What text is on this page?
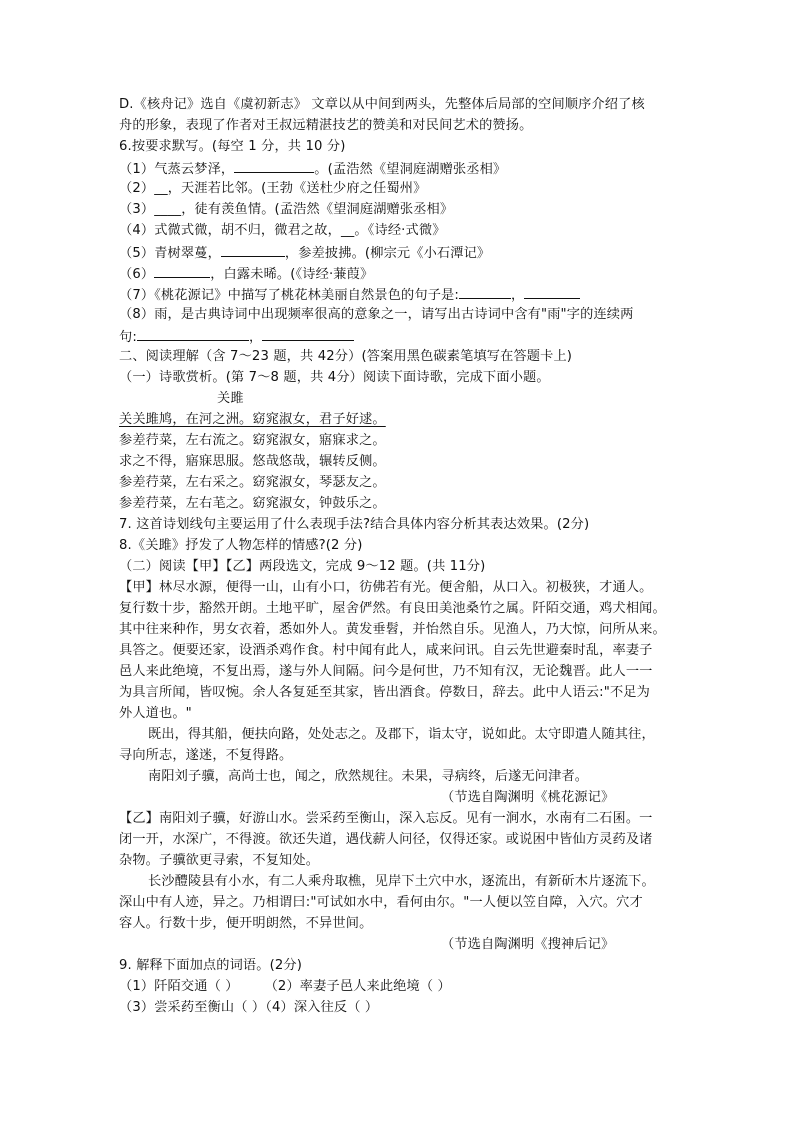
D.《核舟记》选自《虞初新志》 文章以从中间到两头，先整体后局部的空间顺序介绍了核
舟的形象，表现了作者对王叔远精湛技艺的赞美和对民间艺术的赞扬。
6.按要求默写。(每空 1 分，共 10 分)
（1）气蒸云梦泽，	。(孟浩然《望洞庭湖赠张丞相》
（2）__，天涯若比邻。(王勃《送杜少府之任蜀州》
（3）____，徒有羡鱼情。(孟浩然《望洞庭湖赠张丞相》
（4）式微式微，胡不归，微君之故，__。《诗经·式微》
（5）青树翠蔓，	，参差披拂。(柳宗元《小石潭记》
（6）	，白露未晞。(《诗经·蒹葭》
（7）《桃花源记》中描写了桃花林美丽自然景色的句子是:	，
（8）雨，是古典诗词中出现频率很高的意象之一，请写出古诗词中含有"雨"字的连续两
句:	，
二、阅读理解（含 7～23 题，共 42分）(答案用黑色碳素笔填写在答题卡上)
（一）诗歌赏析。(第 7～8 题，共 4分）阅读下面诗歌，完成下面小题。
关雎
关关雎鸠，在河之洲。窈窕淑女，君子好逑。
参差荇菜，左右流之。窈窕淑女，寤寐求之。
求之不得，寤寐思服。悠哉悠哉，辗转反侧。
参差荇菜，左右采之。窈窕淑女，琴瑟友之。
参差荇菜，左右芼之。窈窕淑女，钟鼓乐之。
7. 这首诗划线句主要运用了什么表现手法?结合具体内容分析其表达效果。(2分)
8.《关雎》抒发了人物怎样的情感?(2 分)
（二）阅读【甲】【乙】两段选文，完成 9～12 题。(共 11分)
【甲】林尽水源，便得一山，山有小口，彷佛若有光。便舍船，从口入。初极狭，才通人。
复行数十步，豁然开朗。土地平旷，屋舍俨然。有良田美池桑竹之属。阡陌交通，鸡犬相闻。
其中往来种作，男女衣着，悉如外人。黄发垂髫，并怡然自乐。见渔人，乃大惊，问所从来。
具答之。便要还家，设酒杀鸡作食。村中闻有此人，咸来问讯。自云先世避秦时乱，率妻子
邑人来此绝境，不复出焉，遂与外人间隔。问今是何世，乃不知有汉，无论魏晋。此人一一
为具言所闻，皆叹惋。余人各复延至其家，皆出酒食。停数日，辞去。此中人语云:"不足为
外人道也。"
既出，得其船，便扶向路，处处志之。及郡下，诣太守，说如此。太守即遣人随其往，
寻向所志，遂迷，不复得路。
南阳刘子骥，高尚士也，闻之，欣然规往。未果，寻病终，后遂无问津者。
（节选自陶渊明《桃花源记》
【乙】南阳刘子骥，好游山水。尝采药至衡山，深入忘反。见有一涧水，水南有二石囷。一
闭一开，水深广，不得渡。欲还失道，遇伐薪人问径，仅得还家。或说困中皆仙方灵药及诸
杂物。子骥欲更寻索，不复知处。
长沙醴陵县有小水，有二人乘舟取樵，见岸下土穴中水，逐流出，有新斫木片逐流下。
深山中有人迹，异之。乃相谓曰:"可试如水中，看何由尔。"一人便以笠自障，入穴。穴才
容人。行数十步，便开明朗然，不异世间。
（节选自陶渊明《搜神后记》
9. 解释下面加点的词语。(2分)
（1）阡陌交通（ ） （2）率妻子邑人来此绝境（ ）
（3）尝采药至衡山（ ）（4）深入往反（ ）
